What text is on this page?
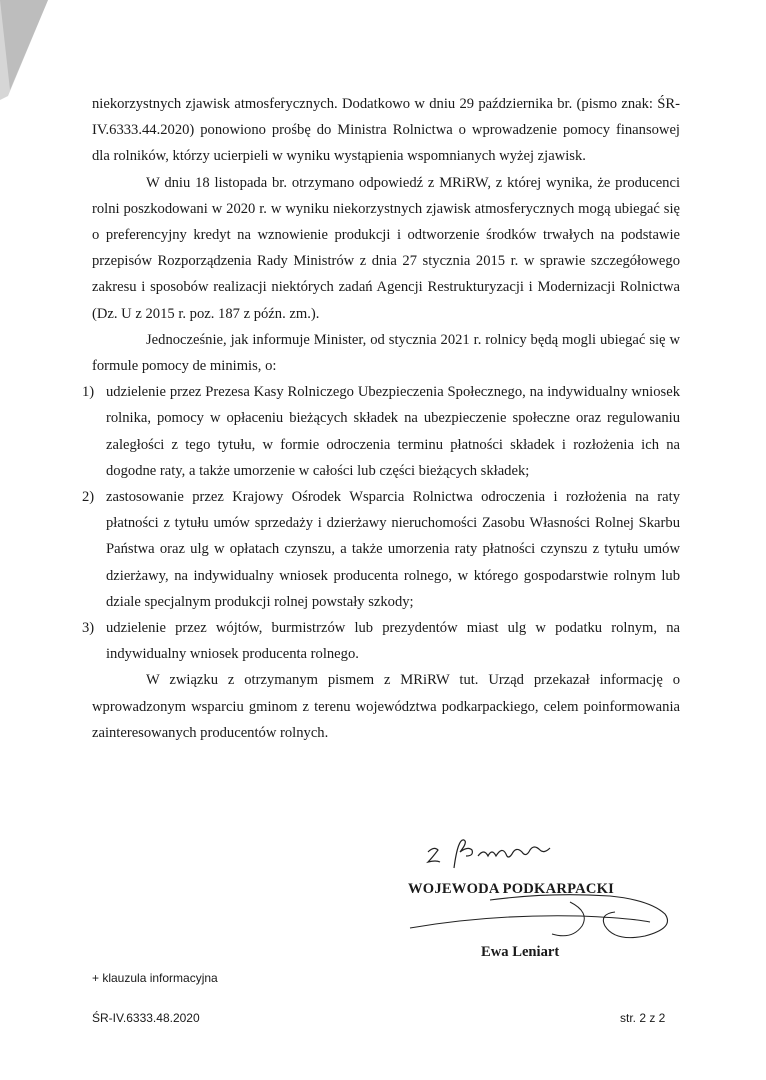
niekorzystnych zjawisk atmosferycznych. Dodatkowo w dniu 29 października br. (pismo znak: ŚR-IV.6333.44.2020) ponowiono prośbę do Ministra Rolnictwa o wprowadzenie pomocy finansowej dla rolników, którzy ucierpieli w wyniku wystąpienia wspomnianych wyżej zjawisk.

W dniu 18 listopada br. otrzymano odpowiedź z MRiRW, z której wynika, że producenci rolni poszkodowani w 2020 r. w wyniku niekorzystnych zjawisk atmosferycznych mogą ubiegać się o preferencyjny kredyt na wznowienie produkcji i odtworzenie środków trwałych na podstawie przepisów Rozporządzenia Rady Ministrów z dnia 27 stycznia 2015 r. w sprawie szczegółowego zakresu i sposobów realizacji niektórych zadań Agencji Restrukturyzacji i Modernizacji Rolnictwa (Dz. U z 2015 r. poz. 187 z późn. zm.).

Jednocześnie, jak informuje Minister, od stycznia 2021 r. rolnicy będą mogli ubiegać się w formule pomocy de minimis, o:

1) udzielenie przez Prezesa Kasy Rolniczego Ubezpieczenia Społecznego, na indywidualny wniosek rolnika, pomocy w opłaceniu bieżących składek na ubezpieczenie społeczne oraz regulowaniu zaległości z tego tytułu, w formie odroczenia terminu płatności składek i rozłożenia ich na dogodne raty, a także umorzenie w całości lub części bieżących składek;
2) zastosowanie przez Krajowy Ośrodek Wsparcia Rolnictwa odroczenia i rozłożenia na raty płatności z tytułu umów sprzedaży i dzierżawy nieruchomości Zasobu Własności Rolnej Skarbu Państwa oraz ulg w opłatach czynszu, a także umorzenia raty płatności czynszu z tytułu umów dzierżawy, na indywidualny wniosek producenta rolnego, w którego gospodarstwie rolnym lub dziale specjalnym produkcji rolnej powstały szkody;
3) udzielenie przez wójtów, burmistrzów lub prezydentów miast ulg w podatku rolnym, na indywidualny wniosek producenta rolnego.

W związku z otrzymanym pismem z MRiRW tut. Urząd przekazał informację o wprowadzonym wsparciu gminom z terenu województwa podkarpackiego, celem poinformowania zainteresowanych producentów rolnych.

WOJEWODA PODKARPACKI
Ewa Leniart
+ klauzula informacyjna
ŚR-IV.6333.48.2020	str. 2 z 2
